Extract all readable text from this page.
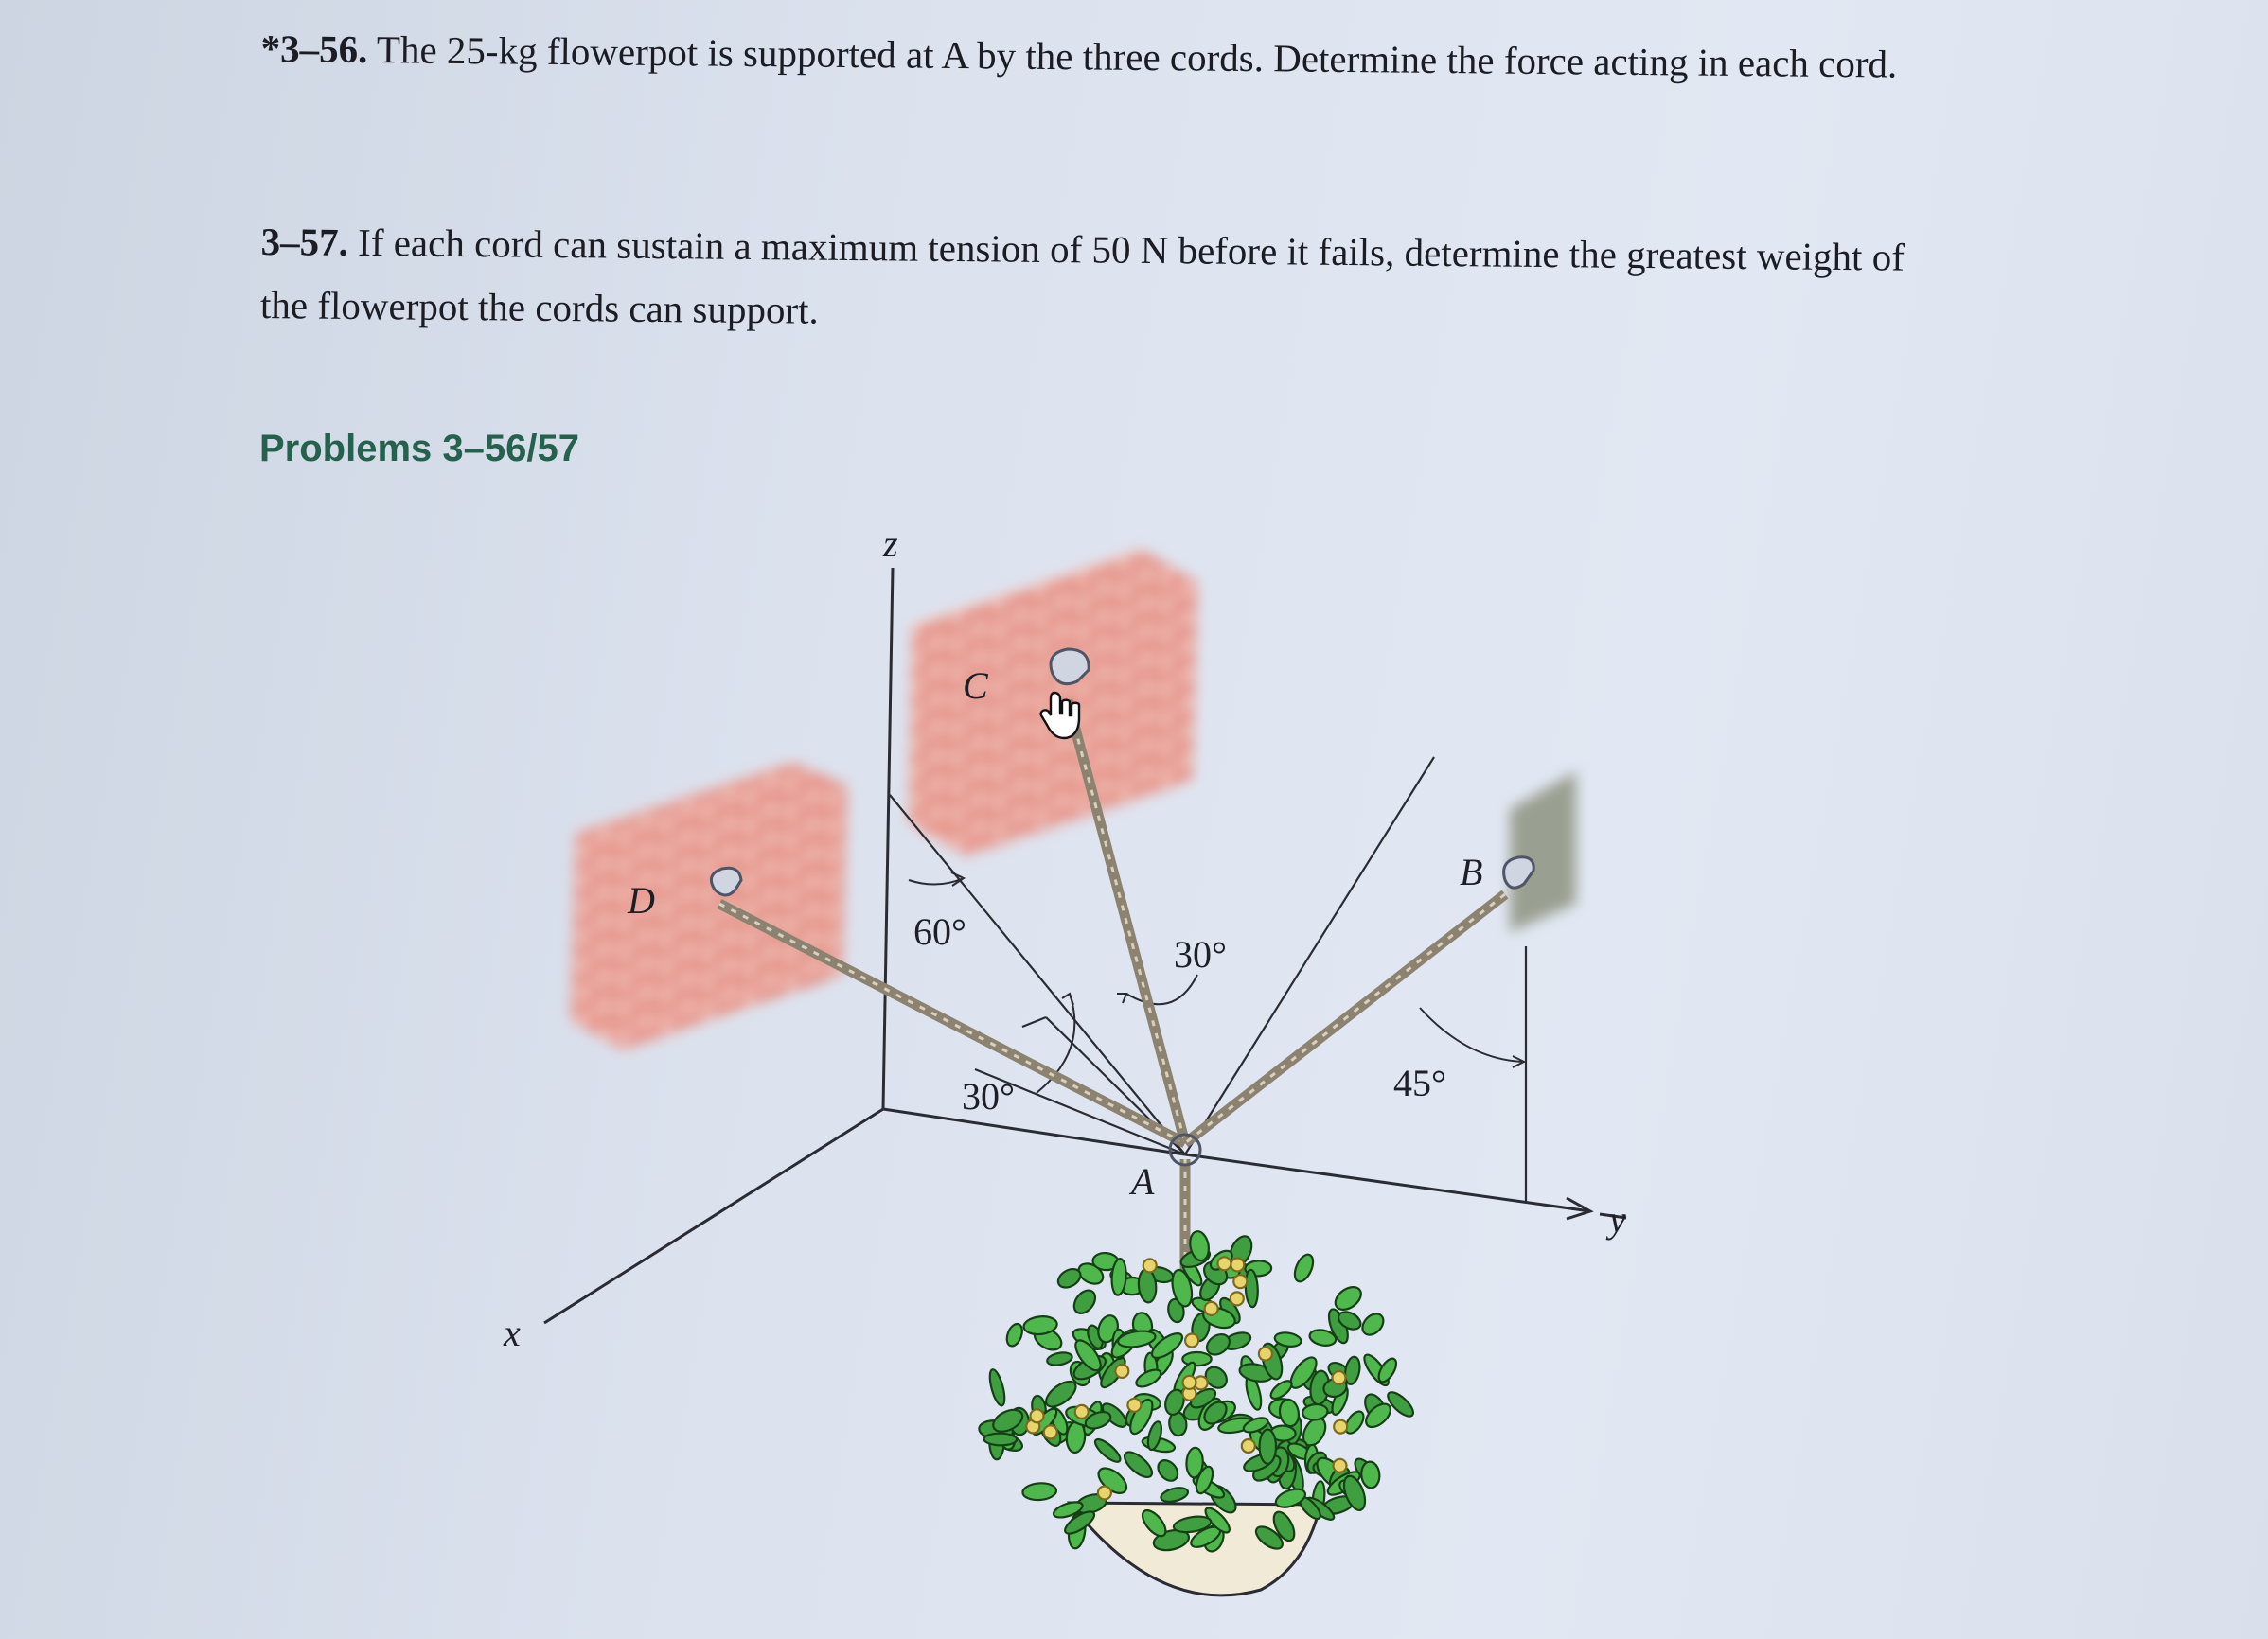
*3–56. The 25-kg flowerpot is supported at A by the three cords. Determine the force acting in each cord.

3–57. If each cord can sustain a maximum tension of 50 N before it fails, determine the greatest weight of the flowerpot the cords can support.

Problems 3–56/57
z
x
y
A
B
C
D
60°
30°
30°
45°
